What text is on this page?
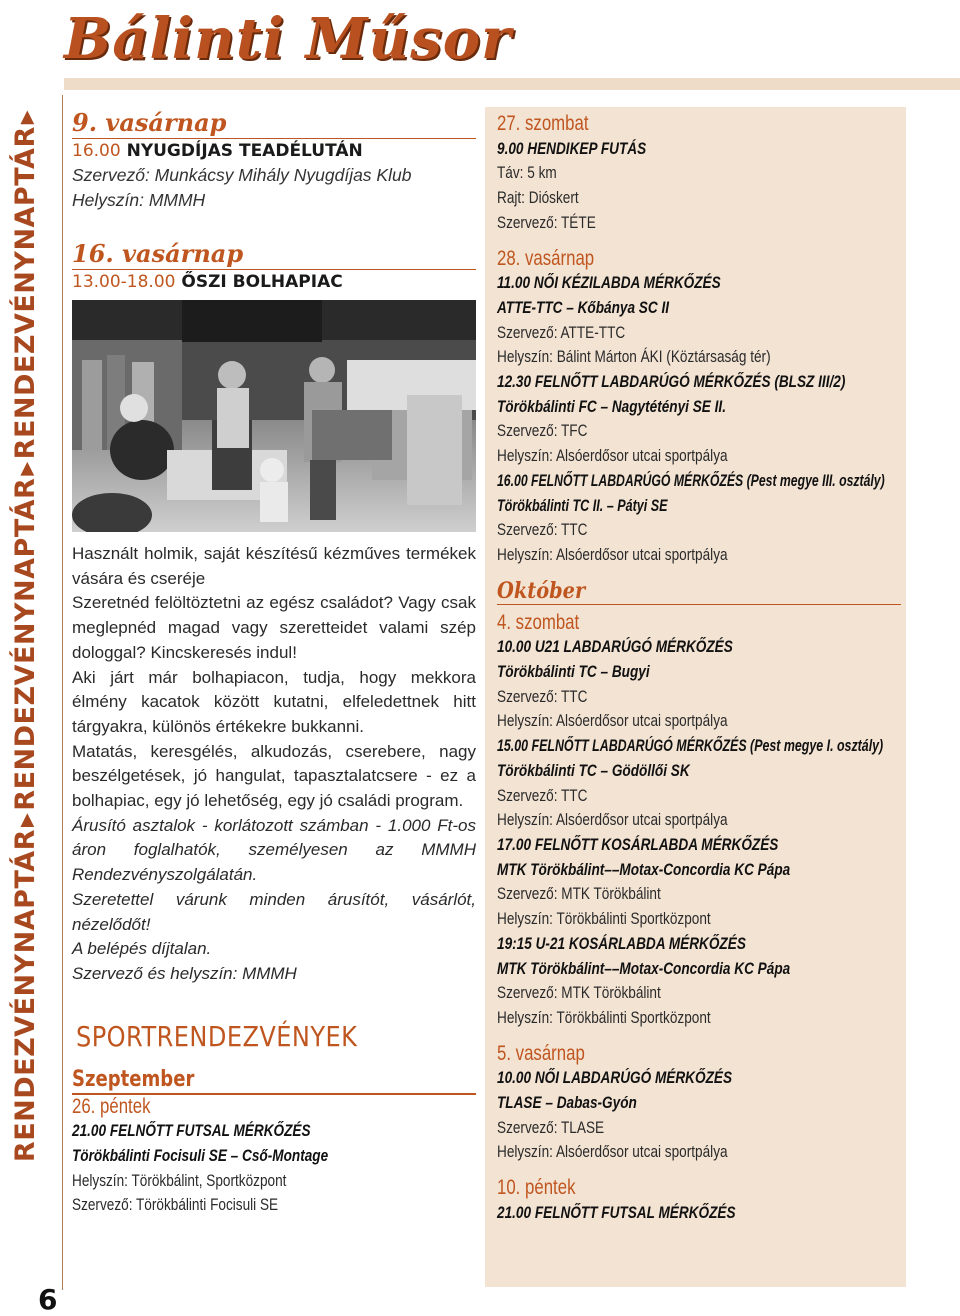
RENDEZVÉNYNAPTÁR▶RENDEZVÉNYNAPTÁR▶RENDEZVÉNYNAPTÁR▶
6
Bálinti Műsor
9. vasárnap
16.00 NYUGDÍJAS TEADÉLUTÁN
Szervező: Munkácsy Mihály Nyugdíjas Klub
Helyszín: MMMH
16. vasárnap
13.00-18.00 ŐSZI BOLHAPIAC

Használt holmik, saját készítésű kézműves termékek vására és cseréje

Szeretnéd felöltöztetni az egész családot? Vagy csak meglepnéd magad vagy szeretteidet valami szép dologgal? Kincskeresés indul!

Aki járt már bolhapiacon, tudja, hogy mekkora élmény kacatok között kutatni, elfeledettnek hitt tárgyakra, különös értékekre bukkanni.

Matatás, keresgélés, alkudozás, cserebere, nagy beszélgetések, jó hangulat, tapasztalatcsere - ez a bolhapiac, egy jó lehetőség, egy jó családi program.

Árusító asztalok - korlátozott számban - 1.000 Ft-os áron foglalhatók, személyesen az MMMH Rendezvényszolgálatán.

Szeretettel várunk minden árusítót, vásárlót, nézelődőt!

A belépés díjtalan.

Szervező és helyszín: MMMH

SPORTRENDEZVÉNYEK
Szeptember
26. péntek
21.00 FELNŐTT FUTSAL MÉRKŐZÉS
Törökbálinti Focisuli SE – Cső-Montage
Helyszín: Törökbálint, Sportközpont
Szervező: Törökbálinti Focisuli SE
27. szombat
9.00 HENDIKEP FUTÁS
Táv: 5 km
Rajt: Dióskert
Szervező: TÉTE
28. vasárnap
11.00 NŐI KÉZILABDA MÉRKŐZÉS
ATTE-TTC – Kőbánya SC II
Szervező: ATTE-TTC
Helyszín: Bálint Márton ÁKI (Köztársaság tér)
12.30 FELNŐTT LABDARÚGÓ MÉRKŐZÉS (BLSZ III/2)
Törökbálinti FC – Nagytétényi SE II.
Szervező: TFC
Helyszín: Alsóerdősor utcai sportpálya
16.00 FELNŐTT LABDARÚGÓ MÉRKŐZÉS (Pest megye III. osztály)
Törökbálinti TC II. – Pátyi SE
Szervező: TTC
Helyszín: Alsóerdősor utcai sportpálya
Október
4. szombat
10.00 U21 LABDARÚGÓ MÉRKŐZÉS
Törökbálinti TC – Bugyi
Szervező: TTC
Helyszín: Alsóerdősor utcai sportpálya
15.00 FELNŐTT LABDARÚGÓ MÉRKŐZÉS (Pest megye I. osztály)
Törökbálinti TC – Gödöllői SK
Szervező: TTC
Helyszín: Alsóerdősor utcai sportpálya
17.00 FELNŐTT KOSÁRLABDA MÉRKŐZÉS
MTK Törökbálint––Motax-Concordia KC Pápa
Szervező: MTK Törökbálint
Helyszín: Törökbálinti Sportközpont
19:15 U-21 KOSÁRLABDA MÉRKŐZÉS
MTK Törökbálint––Motax-Concordia KC Pápa
Szervező: MTK Törökbálint
Helyszín: Törökbálinti Sportközpont
5. vasárnap
10.00 NŐI LABDARÚGÓ MÉRKŐZÉS
TLASE – Dabas-Gyón
Szervező: TLASE
Helyszín: Alsóerdősor utcai sportpálya
10. péntek
21.00 FELNŐTT FUTSAL MÉRKŐZÉS
